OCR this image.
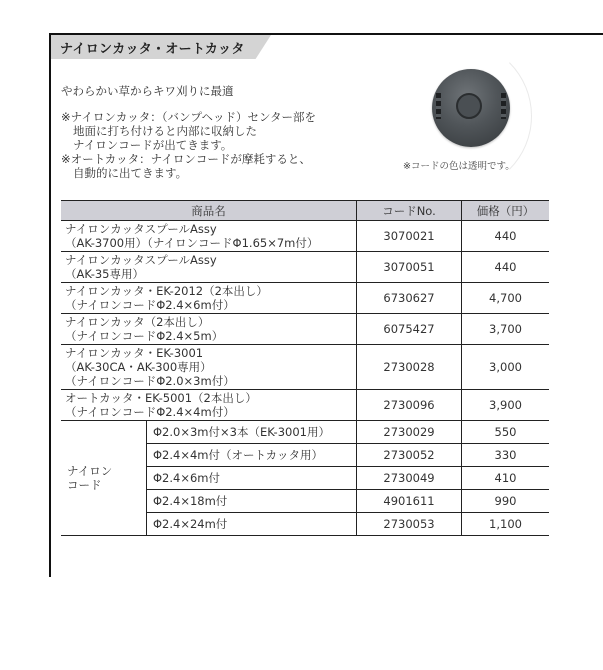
ナイロンカッタ・オートカッタ
やわらかい草からキワ刈りに最適
※ナイロンカッタ：（バンプヘッド）センター部を
地面に打ち付けると内部に収納した
ナイロンコードが出てきます。
※オートカッタ：ナイロンコードが摩耗すると、
自動的に出てきます。	※コードの色は透明です。
商品名		コードNo.	価格（円）

ナイロンカッタスプールAssy
（AK-3700用）（ナイロンコードΦ1.65×7m付）		3070021	440

ナイロンカッタスプールAssy
（AK-35専用）		3070051	440

ナイロンカッタ・EK-2012（2本出し）
（ナイロンコードΦ2.4×6m付）		6730627	4,700

ナイロンカッタ（2本出し）
（ナイロンコードΦ2.4×5m）		6075427	3,700

ナイロンカッタ・EK-3001
（AK-30CA・AK-300専用）
（ナイロンコードΦ2.0×3m付）		2730028	3,000

オートカッタ・EK-5001（2本出し）
（ナイロンコードΦ2.4×4m付）		2730096	3,900

ナイロン
コード	Φ2.0×3m付×3本（EK-3001用）	2730029	550
	Φ2.4×4m付（オートカッタ用）	2730052	330
	Φ2.4×6m付	2730049	410
	Φ2.4×18m付	4901611	990
	Φ2.4×24m付	2730053	1,100
